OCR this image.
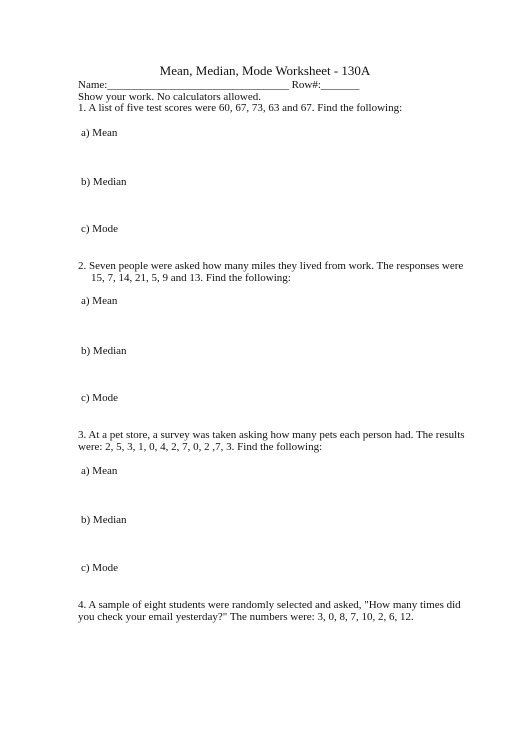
Mean, Median, Mode Worksheet - 130A
Name:_________________________________ Row#:_______
Show your work. No calculators allowed.
1. A list of five test scores were 60, 67, 73, 63 and 67. Find the following:
a) Mean
b) Median
c) Mode
2. Seven people were asked how many miles they lived from work. The responses were
15, 7, 14, 21, 5, 9 and 13. Find the following:
a) Mean
b) Median
c) Mode
3. At a pet store, a survey was taken asking how many pets each person had. The results
were: 2, 5, 3, 1, 0, 4, 2, 7, 0, 2 ,7, 3. Find the following:
a) Mean
b) Median
c) Mode
4. A sample of eight students were randomly selected and asked, "How many times did
you check your email yesterday?" The numbers were: 3, 0, 8, 7, 10, 2, 6, 12.
